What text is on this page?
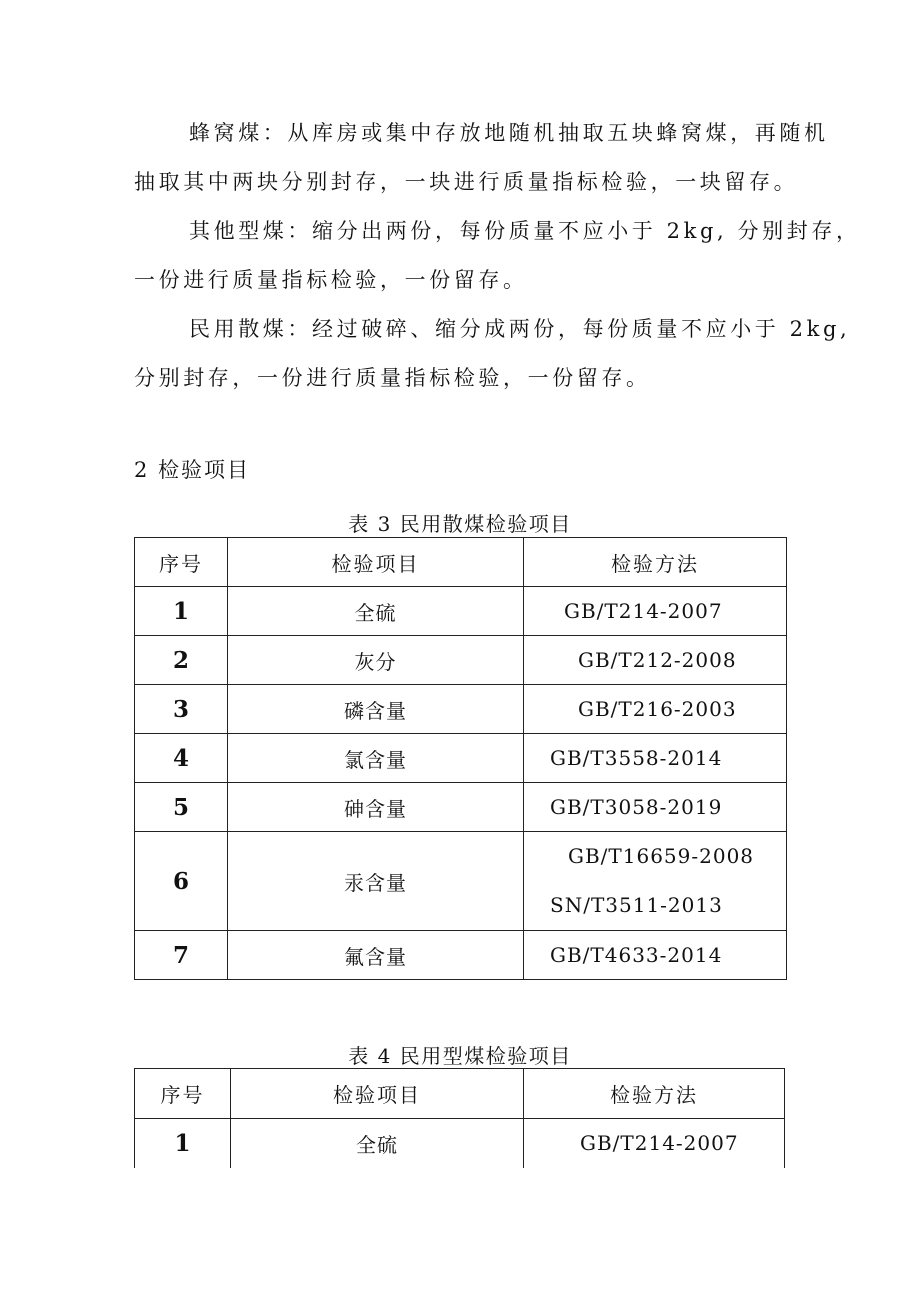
蜂窝煤：从库房或集中存放地随机抽取五块蜂窝煤，再随机

抽取其中两块分别封存，一块进行质量指标检验，一块留存。

其他型煤：缩分出两份，每份质量不应小于 2kg, 分别封存，

一份进行质量指标检验，一份留存。

民用散煤：经过破碎、缩分成两份，每份质量不应小于 2kg,

分别封存，一份进行质量指标检验，一份留存。

2 检验项目

表 3 民用散煤检验项目

序号	检验项目	检验方法
1	全硫	GB/T214-2007
2	灰分	GB/T212-2008
3	磷含量	GB/T216-2003
4	氯含量	GB/T3558-2014
5	砷含量	GB/T3058-2019
6	汞含量	GB/T16659-2008
SN/T3511-2013

7	氟含量	GB/T4633-2014

表 4 民用型煤检验项目

序号	检验项目	检验方法
1	全硫	GB/T214-2007
